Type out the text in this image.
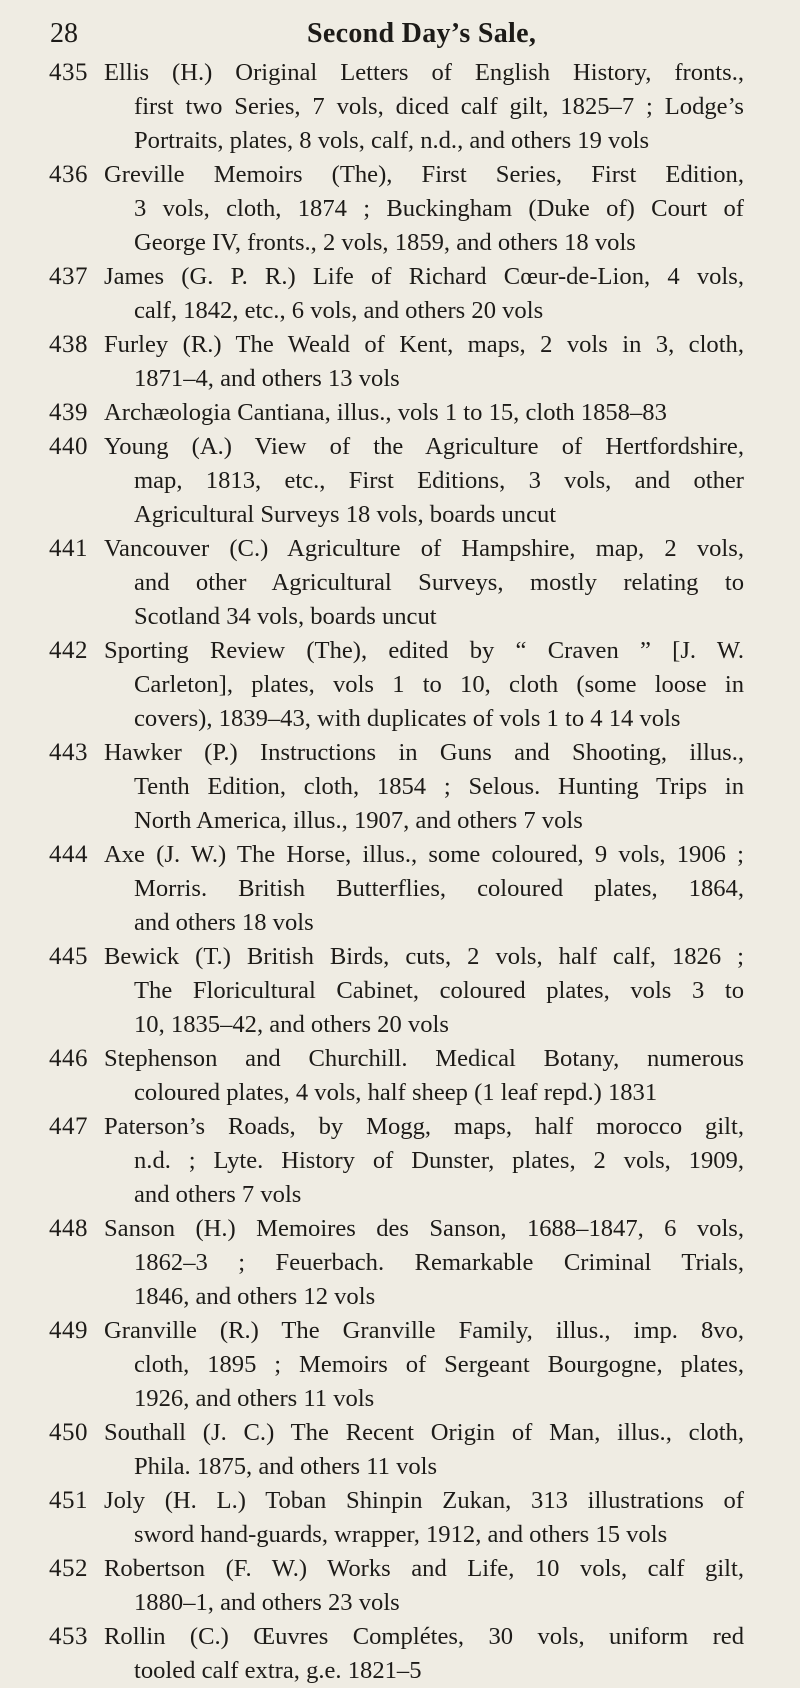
28	Second Day’s Sale,
435 Ellis (H.) Original Letters of English History, fronts.,
first two Series, 7 vols, diced calf gilt, 1825–7 ; Lodge’s
Portraits, plates, 8 vols, calf, n.d., and others 19 vols
436 Greville Memoirs (The), First Series, First Edition,
3 vols, cloth, 1874 ; Buckingham (Duke of) Court of
George IV, fronts., 2 vols, 1859, and others 18 vols
437 James (G. P. R.) Life of Richard Cœur-de-Lion, 4 vols,
calf, 1842, etc., 6 vols, and others 20 vols
438 Furley (R.) The Weald of Kent, maps, 2 vols in 3, cloth,
1871–4, and others 13 vols
439 Archæologia Cantiana, illus., vols 1 to 15, cloth 1858–83
440 Young (A.) View of the Agriculture of Hertfordshire,
map, 1813, etc., First Editions, 3 vols, and other
Agricultural Surveys 18 vols, boards uncut
441 Vancouver (C.) Agriculture of Hampshire, map, 2 vols,
and other Agricultural Surveys, mostly relating to
Scotland 34 vols, boards uncut
442 Sporting Review (The), edited by “ Craven ” [J. W.
Carleton], plates, vols 1 to 10, cloth (some loose in
covers), 1839–43, with duplicates of vols 1 to 4 14 vols
443 Hawker (P.) Instructions in Guns and Shooting, illus.,
Tenth Edition, cloth, 1854 ; Selous. Hunting Trips in
North America, illus., 1907, and others 7 vols
444 Axe (J. W.) The Horse, illus., some coloured, 9 vols, 1906 ;
Morris. British Butterflies, coloured plates, 1864,
and others 18 vols
445 Bewick (T.) British Birds, cuts, 2 vols, half calf, 1826 ;
The Floricultural Cabinet, coloured plates, vols 3 to
10, 1835–42, and others 20 vols
446 Stephenson and Churchill. Medical Botany, numerous
coloured plates, 4 vols, half sheep (1 leaf repd.) 1831
447 Paterson’s Roads, by Mogg, maps, half morocco gilt,
n.d. ; Lyte. History of Dunster, plates, 2 vols, 1909,
and others 7 vols
448 Sanson (H.) Memoires des Sanson, 1688–1847, 6 vols,
1862–3 ; Feuerbach. Remarkable Criminal Trials,
1846, and others 12 vols
449 Granville (R.) The Granville Family, illus., imp. 8vo,
cloth, 1895 ; Memoirs of Sergeant Bourgogne, plates,
1926, and others 11 vols
450 Southall (J. C.) The Recent Origin of Man, illus., cloth,
Phila. 1875, and others 11 vols
451 Joly (H. L.) Toban Shinpin Zukan, 313 illustrations of
sword hand-guards, wrapper, 1912, and others 15 vols
452 Robertson (F. W.) Works and Life, 10 vols, calf gilt,
1880–1, and others 23 vols
453 Rollin (C.) Œuvres Complétes, 30 vols, uniform red
tooled calf extra, g.e. 1821–5
